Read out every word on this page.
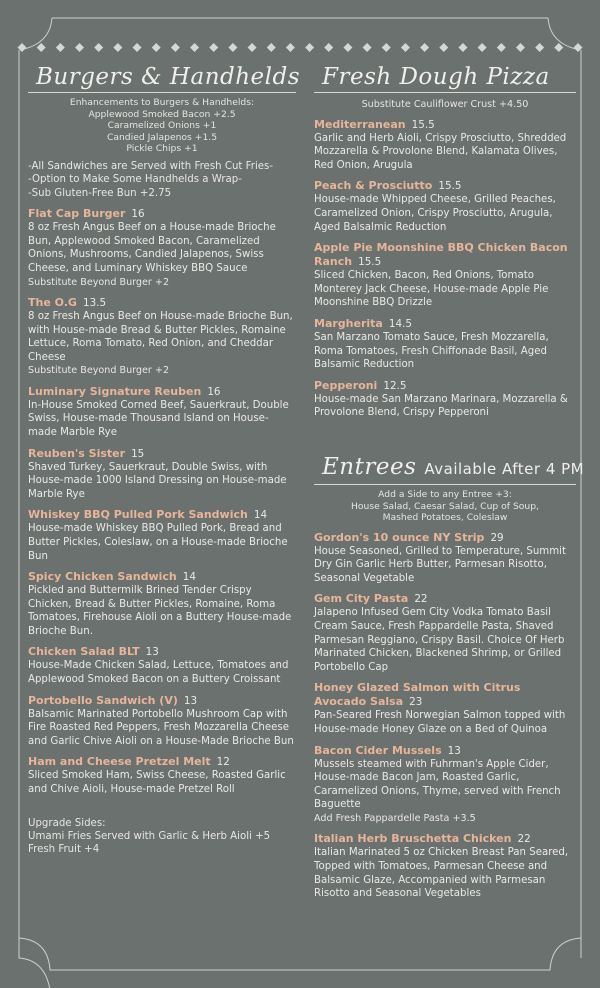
Burgers & Handhelds
Enhancements to Burgers & Handhelds:
Applewood Smoked Bacon +2.5
Caramelized Onions +1
Candied Jalapenos +1.5
Pickle Chips +1
-All Sandwiches are Served with Fresh Cut Fries-
-Option to Make Some Handhelds a Wrap-
-Sub Gluten-Free Bun +2.75
Flat Cap Burger 16
8 oz Fresh Angus Beef on a House-made Brioche Bun, Applewood Smoked Bacon, Caramelized Onions, Mushrooms, Candied Jalapenos, Swiss Cheese, and Luminary Whiskey BBQ Sauce
Substitute Beyond Burger +2
The O.G 13.5
8 oz Fresh Angus Beef on House-made Brioche Bun, with House-made Bread & Butter Pickles, Romaine Lettuce, Roma Tomato, Red Onion, and Cheddar Cheese
Substitute Beyond Burger +2
Luminary Signature Reuben 16
In-House Smoked Corned Beef, Sauerkraut, Double Swiss, House-made Thousand Island on House-made Marble Rye
Reuben's Sister 15
Shaved Turkey, Sauerkraut, Double Swiss, with House-made 1000 Island Dressing on House-made Marble Rye
Whiskey BBQ Pulled Pork Sandwich 14
House-made Whiskey BBQ Pulled Pork, Bread and Butter Pickles, Coleslaw, on a House-made Brioche Bun
Spicy Chicken Sandwich 14
Pickled and Buttermilk Brined Tender Crispy Chicken, Bread & Butter Pickles, Romaine, Roma Tomatoes, Firehouse Aioli on a Buttery House-made Brioche Bun.
Chicken Salad BLT 13
House-Made Chicken Salad, Lettuce, Tomatoes and Applewood Smoked Bacon on a Buttery Croissant
Portobello Sandwich (V) 13
Balsamic Marinated Portobello Mushroom Cap with Fire Roasted Red Peppers, Fresh Mozzarella Cheese and Garlic Chive Aioli on a House-Made Brioche Bun
Ham and Cheese Pretzel Melt 12
Sliced Smoked Ham, Swiss Cheese, Roasted Garlic and Chive Aioli, House-made Pretzel Roll
Upgrade Sides:
Umami Fries Served with Garlic & Herb Aioli +5
Fresh Fruit +4
Fresh Dough Pizza
Substitute Cauliflower Crust +4.50
Mediterranean 15.5
Garlic and Herb Aioli, Crispy Prosciutto, Shredded Mozzarella & Provolone Blend, Kalamata Olives, Red Onion, Arugula
Peach & Prosciutto 15.5
House-made Whipped Cheese, Grilled Peaches, Caramelized Onion, Crispy Prosciutto, Arugula, Aged Balsalmic Reduction
Apple Pie Moonshine BBQ Chicken Bacon Ranch 15.5
Sliced Chicken, Bacon, Red Onions, Tomato Monterey Jack Cheese, House-made Apple Pie Moonshine BBQ Drizzle
Margherita 14.5
San Marzano Tomato Sauce, Fresh Mozzarella, Roma Tomatoes, Fresh Chiffonade Basil, Aged Balsamic Reduction
Pepperoni 12.5
House-made San Marzano Marinara, Mozzarella & Provolone Blend, Crispy Pepperoni
Entrees Available After 4 PM
Add a Side to any Entree +3:
House Salad, Caesar Salad, Cup of Soup,
Mashed Potatoes, Coleslaw
Gordon's 10 ounce NY Strip 29
House Seasoned, Grilled to Temperature, Summit Dry Gin Garlic Herb Butter, Parmesan Risotto, Seasonal Vegetable
Gem City Pasta 22
Jalapeno Infused Gem City Vodka Tomato Basil Cream Sauce, Fresh Pappardelle Pasta, Shaved Parmesan Reggiano, Crispy Basil. Choice Of Herb Marinated Chicken, Blackened Shrimp, or Grilled Portobello Cap
Honey Glazed Salmon with Citrus Avocado Salsa 23
Pan-Seared Fresh Norwegian Salmon topped with House-made Honey Glaze on a Bed of Quinoa
Bacon Cider Mussels 13
Mussels steamed with Fuhrman's Apple Cider, House-made Bacon Jam, Roasted Garlic, Caramelized Onions, Thyme, served with French Baguette
Add Fresh Pappardelle Pasta +3.5
Italian Herb Bruschetta Chicken 22
Italian Marinated 5 oz Chicken Breast Pan Seared, Topped with Tomatoes, Parmesan Cheese and Balsamic Glaze, Accompanied with Parmesan Risotto and Seasonal Vegetables
